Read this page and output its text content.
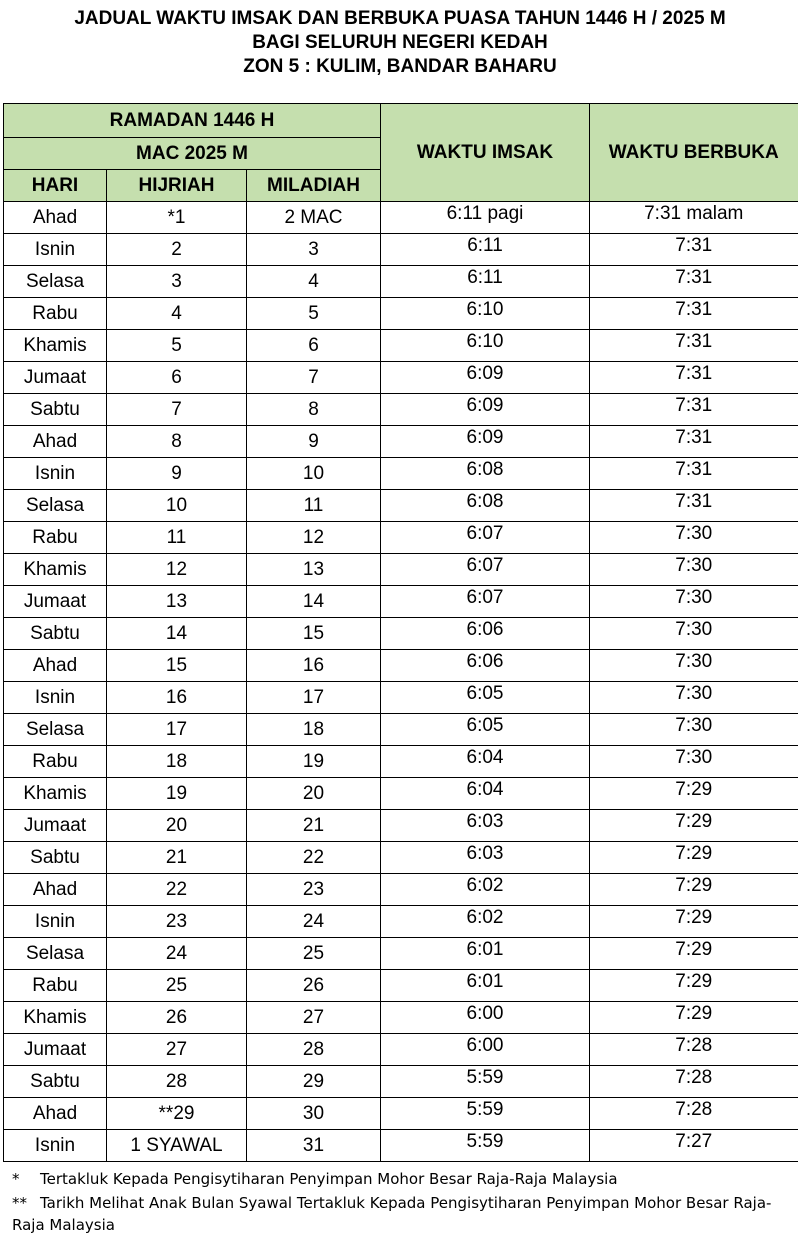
JADUAL WAKTU IMSAK DAN BERBUKA PUASA TAHUN 1446 H / 2025 M
BAGI SELURUH NEGERI KEDAH
ZON 5 : KULIM, BANDAR BAHARU
RAMADAN 1446 H			WAKTU IMSAK	WAKTU BERBUKA
MAC 2025 M				
HARI	HIJRIAH	MILADIAH		
Ahad	*1	2 MAC	6:11 pagi	7:31 malam
Isnin	2	3	6:11	7:31
Selasa	3	4	6:11	7:31
Rabu	4	5	6:10	7:31
Khamis	5	6	6:10	7:31
Jumaat	6	7	6:09	7:31
Sabtu	7	8	6:09	7:31
Ahad	8	9	6:09	7:31
Isnin	9	10	6:08	7:31
Selasa	10	11	6:08	7:31
Rabu	11	12	6:07	7:30
Khamis	12	13	6:07	7:30
Jumaat	13	14	6:07	7:30
Sabtu	14	15	6:06	7:30
Ahad	15	16	6:06	7:30
Isnin	16	17	6:05	7:30
Selasa	17	18	6:05	7:30
Rabu	18	19	6:04	7:30
Khamis	19	20	6:04	7:29
Jumaat	20	21	6:03	7:29
Sabtu	21	22	6:03	7:29
Ahad	22	23	6:02	7:29
Isnin	23	24	6:02	7:29
Selasa	24	25	6:01	7:29
Rabu	25	26	6:01	7:29
Khamis	26	27	6:00	7:29
Jumaat	27	28	6:00	7:28
Sabtu	28	29	5:59	7:28
Ahad	**29	30	5:59	7:28
Isnin	1 SYAWAL	31	5:59	7:27
* Tertakluk Kepada Pengisytiharan Penyimpan Mohor Besar Raja-Raja Malaysia
** Tarikh Melihat Anak Bulan Syawal Tertakluk Kepada Pengisytiharan Penyimpan Mohor Besar Raja-Raja Malaysia
